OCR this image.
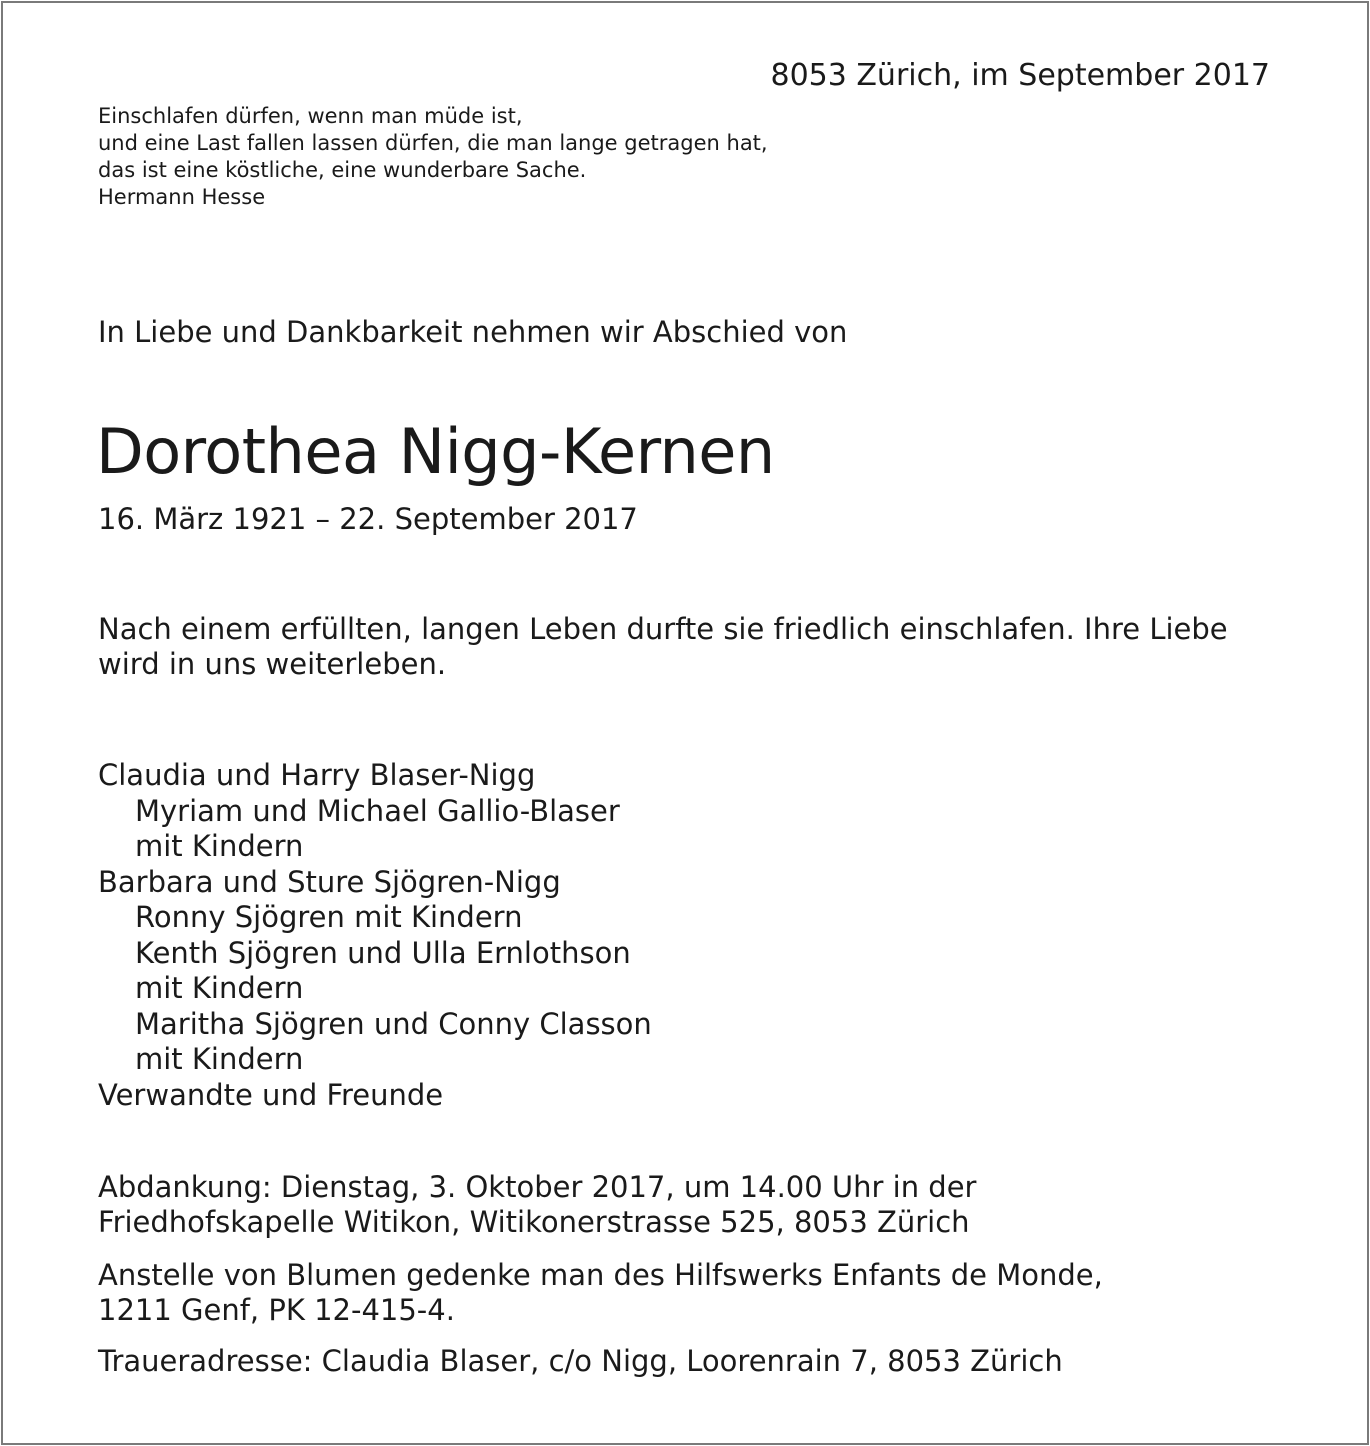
8053 Zürich, im September 2017

Einschlafen dürfen, wenn man müde ist,
und eine Last fallen lassen dürfen, die man lange getragen hat,
das ist eine köstliche, eine wunderbare Sache.
Hermann Hesse

In Liebe und Dankbarkeit nehmen wir Abschied von

Dorothea Nigg-Kernen

16. März 1921 – 22. September 2017

Nach einem erfüllten, langen Leben durfte sie friedlich einschlafen. Ihre Liebe wird in uns weiterleben.

Claudia und Harry Blaser-Nigg
Myriam und Michael Gallio-Blaser
mit Kindern
Barbara und Sture Sjögren-Nigg
Ronny Sjögren mit Kindern
Kenth Sjögren und Ulla Ernlothson
mit Kindern
Maritha Sjögren und Conny Classon
mit Kindern
Verwandte und Freunde
Abdankung: Dienstag, 3. Oktober 2017, um 14.00 Uhr in der
Friedhofskapelle Witikon, Witikonerstrasse 525, 8053 Zürich
Anstelle von Blumen gedenke man des Hilfswerks Enfants de Monde,
1211 Genf, PK 12-415-4.
Traueradresse: Claudia Blaser, c/o Nigg, Loorenrain 7, 8053 Zürich
